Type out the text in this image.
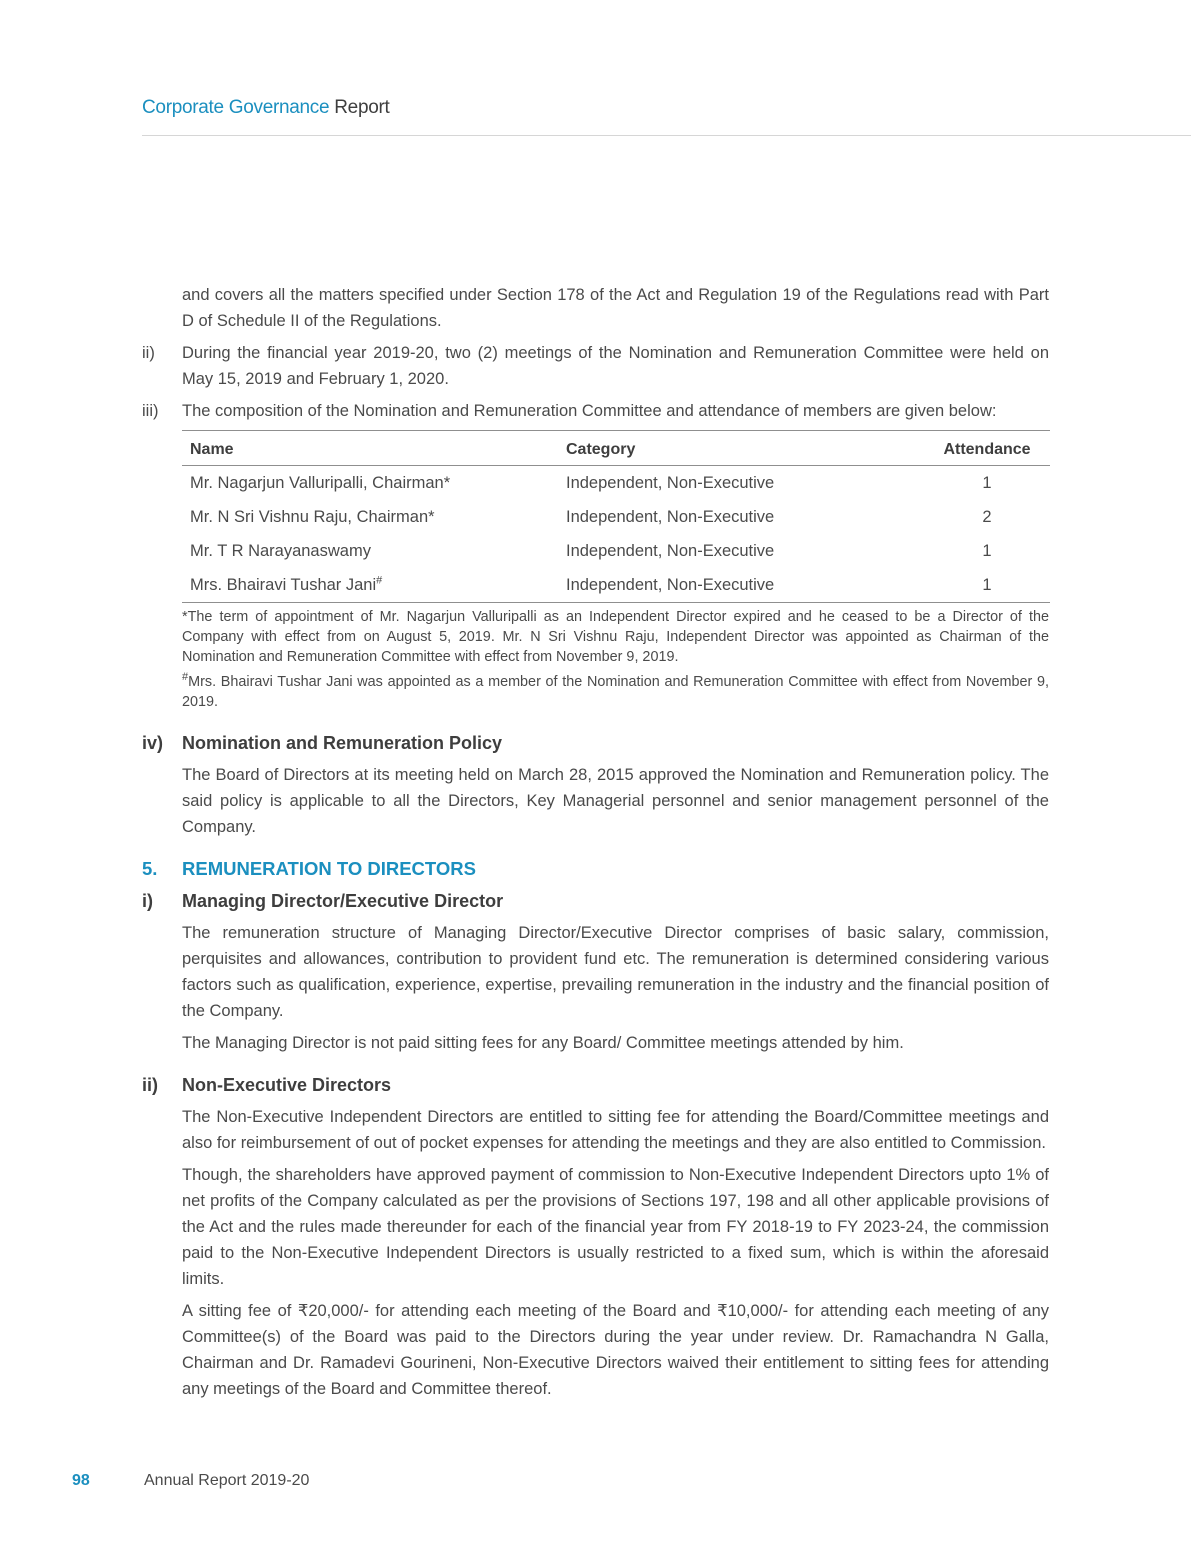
Corporate Governance Report

and covers all the matters specified under Section 178 of the Act and Regulation 19 of the Regulations read with Part D of Schedule II of the Regulations.

ii)	During the financial year 2019-20, two (2) meetings of the Nomination and Remuneration Committee were held on May 15, 2019 and February 1, 2020.

iii)	The composition of the Nomination and Remuneration Committee and attendance of members are given below:

Name	Category	Attendance
Mr. Nagarjun Valluripalli, Chairman*	Independent, Non-Executive	1
Mr. N Sri Vishnu Raju, Chairman*	Independent, Non-Executive	2
Mr. T R Narayanaswamy	Independent, Non-Executive	1
Mrs. Bhairavi Tushar Jani#	Independent, Non-Executive	1

*The term of appointment of Mr. Nagarjun Valluripalli as an Independent Director expired and he ceased to be a Director of the Company with effect from on August 5, 2019. Mr. N Sri Vishnu Raju, Independent Director was appointed as Chairman of the Nomination and Remuneration Committee with effect from November 9, 2019.

#Mrs. Bhairavi Tushar Jani was appointed as a member of the Nomination and Remuneration Committee with effect from November 9, 2019.

iv)	Nomination and Remuneration Policy

The Board of Directors at its meeting held on March 28, 2015 approved the Nomination and Remuneration policy. The said policy is applicable to all the Directors, Key Managerial personnel and senior management personnel of the Company.

5.	REMUNERATION TO DIRECTORS
i)	Managing Director/Executive Director

The remuneration structure of Managing Director/Executive Director comprises of basic salary, commission, perquisites and allowances, contribution to provident fund etc. The remuneration is determined considering various factors such as qualification, experience, expertise, prevailing remuneration in the industry and the financial position of the Company.

The Managing Director is not paid sitting fees for any Board/ Committee meetings attended by him.

ii)	Non-Executive Directors

The Non-Executive Independent Directors are entitled to sitting fee for attending the Board/Committee meetings and also for reimbursement of out of pocket expenses for attending the meetings and they are also entitled to Commission.

Though, the shareholders have approved payment of commission to Non-Executive Independent Directors upto 1% of net profits of the Company calculated as per the provisions of Sections 197, 198 and all other applicable provisions of the Act and the rules made thereunder for each of the financial year from FY 2018-19 to FY 2023-24, the commission paid to the Non-Executive Independent Directors is usually restricted to a fixed sum, which is within the aforesaid limits.

A sitting fee of ₹20,000/- for attending each meeting of the Board and ₹10,000/- for attending each meeting of any Committee(s) of the Board was paid to the Directors during the year under review. Dr. Ramachandra N Galla, Chairman and Dr. Ramadevi Gourineni, Non-Executive Directors waived their entitlement to sitting fees for attending any meetings of the Board and Committee thereof.

98	Annual Report 2019-20
